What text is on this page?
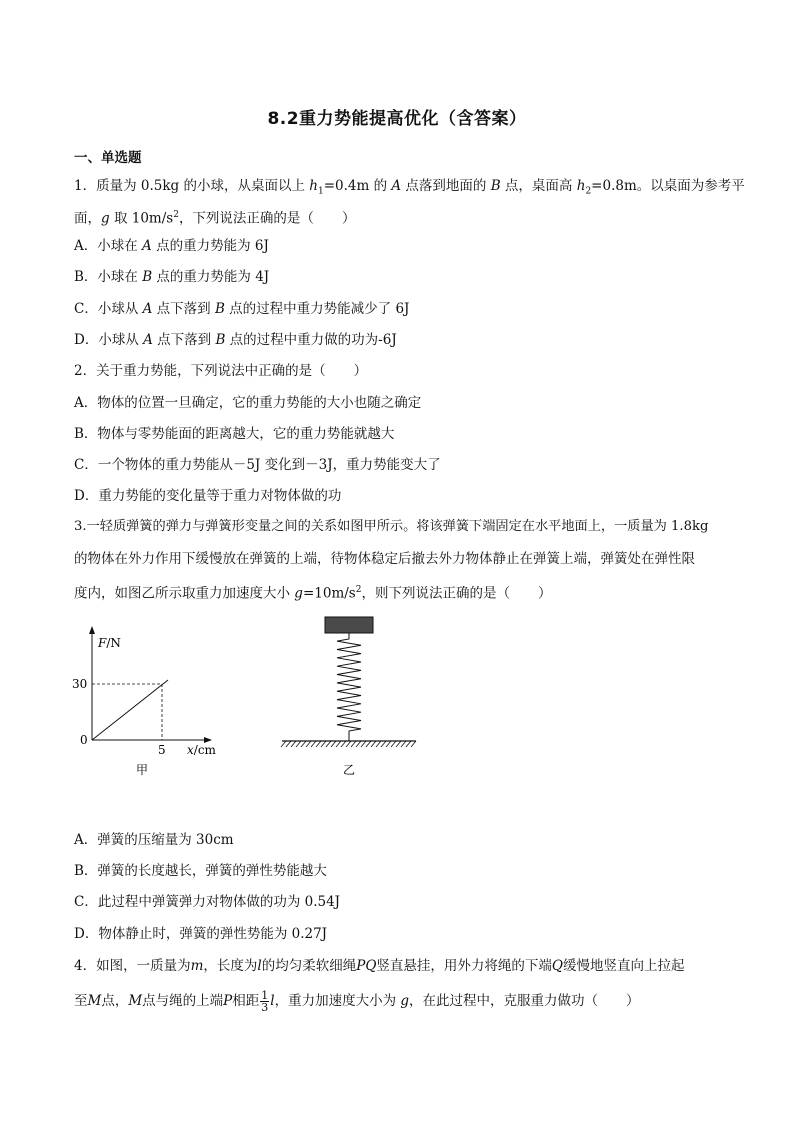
8.2重力势能提高优化（含答案）
一、单选题
1．质量为 0.5kg 的小球，从桌面以上 $h_1=0.4m$ 的 A 点落到地面的 B 点，桌面高 $h_2=0.8m$。以桌面为参考平
面，g 取 $10m/s^2$，下列说法正确的是（ ）
A．小球在 A 点的重力势能为 6J
B．小球在 B 点的重力势能为 4J
C．小球从 A 点下落到 B 点的过程中重力势能减少了 6J
D．小球从 A 点下落到 B 点的过程中重力做的功为-6J
2．关于重力势能，下列说法中正确的是（ ）
A．物体的位置一旦确定，它的重力势能的大小也随之确定
B．物体与零势能面的距离越大，它的重力势能就越大
C．一个物体的重力势能从－5J 变化到－3J，重力势能变大了
D．重力势能的变化量等于重力对物体做的功
3.一轻质弹簧的弹力与弹簧形变量之间的关系如图甲所示。将该弹簧下端固定在水平地面上，一质量为 1.8kg
的物体在外力作用下缓慢放在弹簧的上端，待物体稳定后撤去外力物体静止在弹簧上端，弹簧处在弹性限
度内，如图乙所示取重力加速度大小 $g=10m/s^2$，则下列说法正确的是（ ）
F/N
30
0
5 x/cm
甲	乙
A．弹簧的压缩量为 30cm
B．弹簧的长度越长，弹簧的弹性势能越大
C．此过程中弹簧弹力对物体做的功为 0.54J
D．物体静止时，弹簧的弹性势能为 0.27J
4．如图，一质量为m，长度为l的均匀柔软细绳PQ竖直悬挂，用外力将绳的下端Q缓慢地竖直向上拉起
至M点，M点与绳的上端P相距 $\frac{1}{3}$ l，重力加速度大小为 g，在此过程中，克服重力做功（ ）
